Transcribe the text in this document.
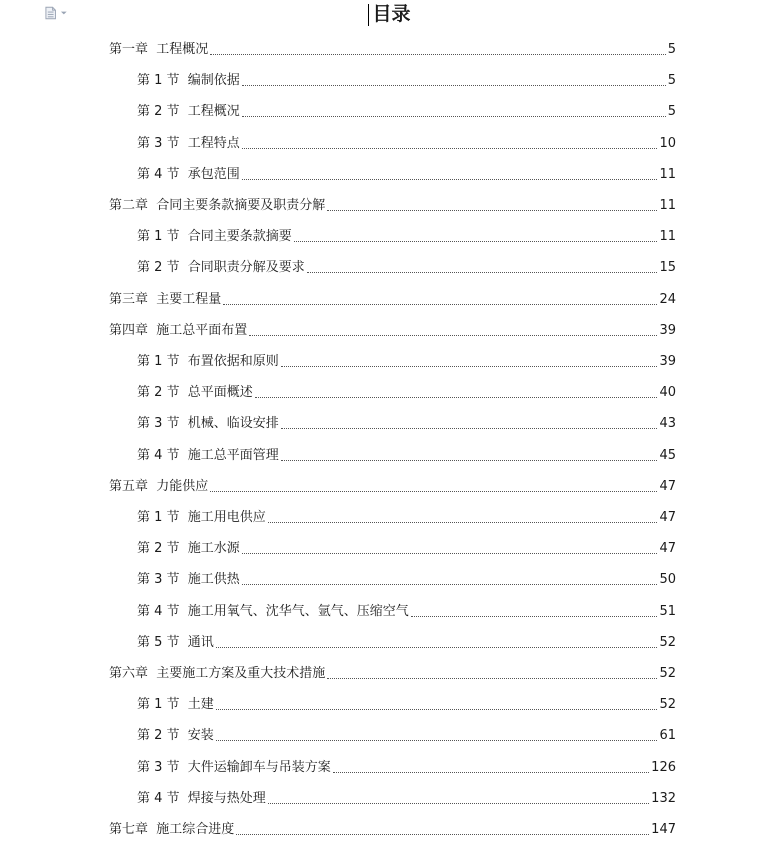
目录
第一章  工程概况	5
第 1 节  编制依据	5
第 2 节  工程概况	5
第 3 节  工程特点	10
第 4 节  承包范围	11
第二章  合同主要条款摘要及职责分解	11
第 1 节  合同主要条款摘要	11
第 2 节  合同职责分解及要求	15
第三章  主要工程量	24
第四章  施工总平面布置	39
第 1 节  布置依据和原则	39
第 2 节  总平面概述	40
第 3 节  机械、临设安排	43
第 4 节  施工总平面管理	45
第五章  力能供应	47
第 1 节  施工用电供应	47
第 2 节  施工水源	47
第 3 节  施工供热	50
第 4 节  施工用氧气、沈华气、氩气、压缩空气	51
第 5 节  通讯	52
第六章  主要施工方案及重大技术措施	52
第 1 节  土建	52
第 2 节  安装	61
第 3 节  大件运输卸车与吊装方案	126
第 4 节  焊接与热处理	132
第七章  施工综合进度	147
